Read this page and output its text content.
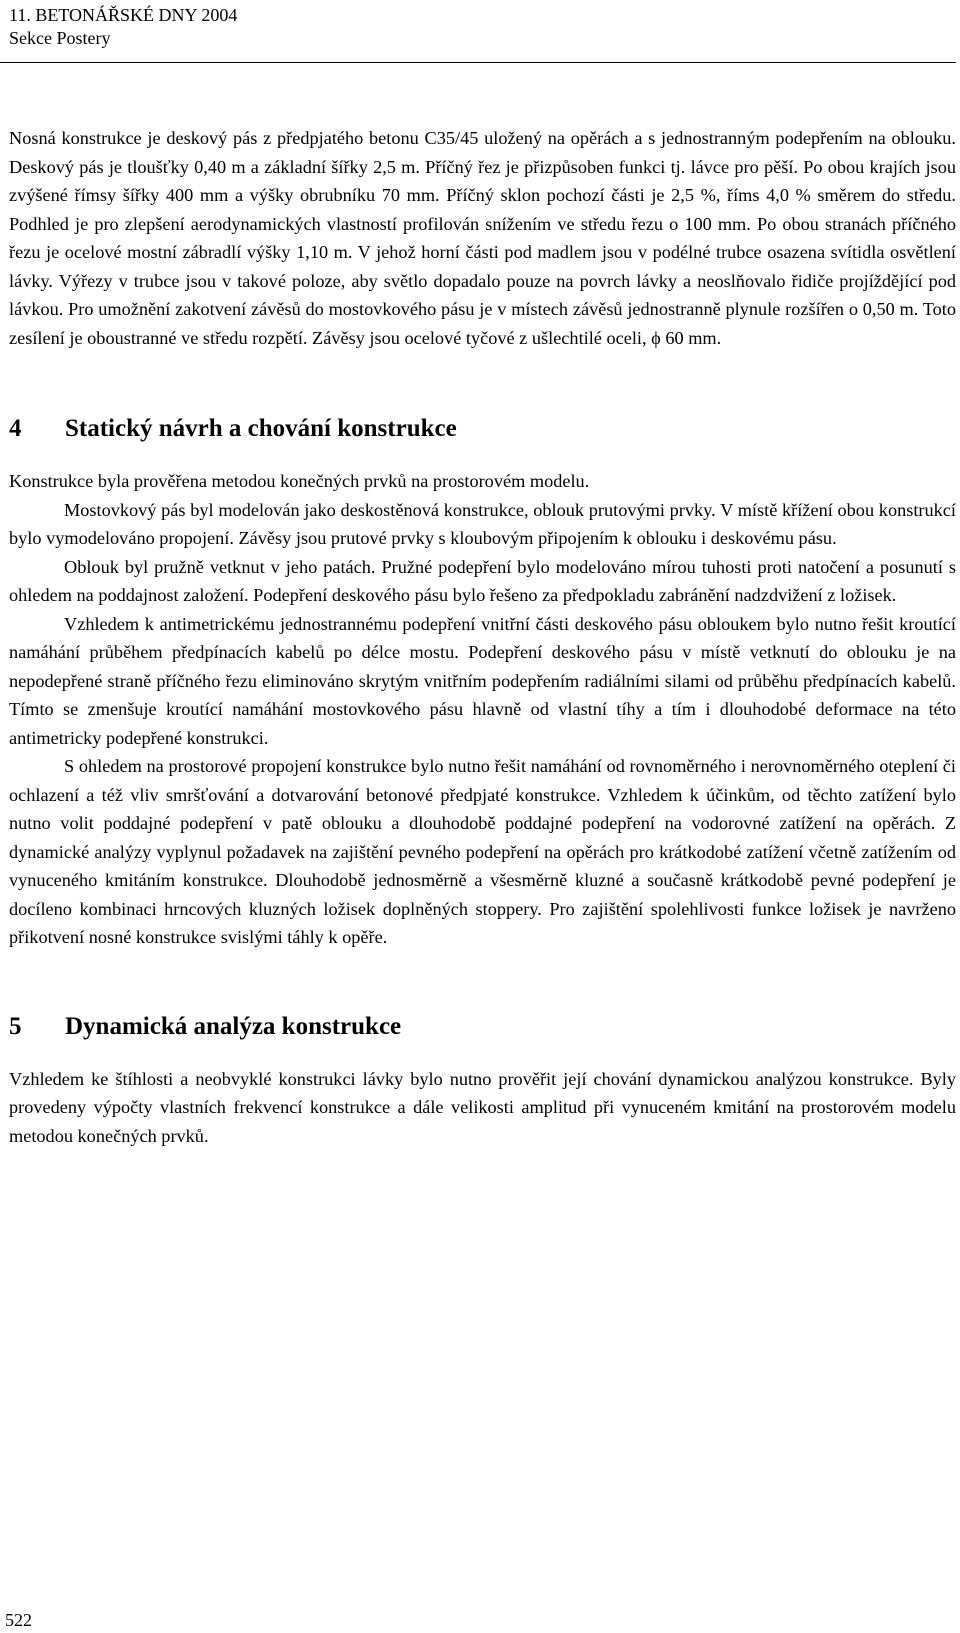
11. BETONÁŘSKÉ DNY 2004
Sekce Postery

Nosná konstrukce je deskový pás z předpjatého betonu C35/45 uložený na opěrách a s jednostranným podepřením na oblouku. Deskový pás je tloušťky 0,40 m a základní šířky 2,5 m. Příčný řez je přizpůsoben funkci tj. lávce pro pěší. Po obou krajích jsou zvýšené římsy šířky 400 mm a výšky obrubníku 70 mm. Příčný sklon pochozí části je 2,5 %, říms 4,0 % směrem do středu. Podhled je pro zlepšení aerodynamických vlastností profilován snížením ve středu řezu o 100 mm. Po obou stranách příčného řezu je ocelové mostní zábradlí výšky 1,10 m. V jehož horní části pod madlem jsou v podélné trubce osazena svítidla osvětlení lávky. Výřezy v trubce jsou v takové poloze, aby světlo dopadalo pouze na povrch lávky a neoslňovalo řidiče projíždějící pod lávkou. Pro umožnění zakotvení závěsů do mostovkového pásu je v místech závěsů jednostranně plynule rozšířen o 0,50 m. Toto zesílení je oboustranné ve středu rozpětí. Závěsy jsou ocelové tyčové z ušlechtilé oceli, ϕ 60 mm.

4	Statický návrh a chování konstrukce

Konstrukce byla prověřena metodou konečných prvků na prostorovém modelu.

Mostovkový pás byl modelován jako deskostěnová konstrukce, oblouk prutovými prvky. V místě křížení obou konstrukcí bylo vymodelováno propojení. Závěsy jsou prutové prvky s kloubovým připojením k oblouku i deskovému pásu.

Oblouk byl pružně vetknut v jeho patách. Pružné podepření bylo modelováno mírou tuhosti proti natočení a posunutí s ohledem na poddajnost založení. Podepření deskového pásu bylo řešeno za předpokladu zabránění nadzdvižení z ložisek.

Vzhledem k antimetrickému jednostrannému podepření vnitřní části deskového pásu obloukem bylo nutno řešit kroutící namáhání průběhem předpínacích kabelů po délce mostu. Podepření deskového pásu v místě vetknutí do oblouku je na nepodepřené straně příčného řezu eliminováno skrytým vnitřním podepřením radiálními silami od průběhu předpínacích kabelů. Tímto se zmenšuje kroutící namáhání mostovkového pásu hlavně od vlastní tíhy a tím i dlouhodobé deformace na této antimetricky podepřené konstrukci.

S ohledem na prostorové propojení konstrukce bylo nutno řešit namáhání od rovnoměrného i nerovnoměrného oteplení či ochlazení a též vliv smršťování a dotvarování betonové předpjaté konstrukce. Vzhledem k účinkům, od těchto zatížení bylo nutno volit poddajné podepření v patě oblouku a dlouhodobě poddajné podepření na vodorovné zatížení na opěrách. Z dynamické analýzy vyplynul požadavek na zajištění pevného podepření na opěrách pro krátkodobé zatížení včetně zatížením od vynuceného kmitáním konstrukce. Dlouhodobě jednosměrně a všesměrně kluzné a současně krátkodobě pevné podepření je docíleno kombinaci hrncových kluzných ložisek doplněných stoppery. Pro zajištění spolehlivosti funkce ložisek je navrženo přikotvení nosné konstrukce svislými táhly k opěře.

5	Dynamická analýza konstrukce

Vzhledem ke štíhlosti a neobvyklé konstrukci lávky bylo nutno prověřit její chování dynamickou analýzou konstrukce. Byly provedeny výpočty vlastních frekvencí konstrukce a dále velikosti amplitud při vynuceném kmitání na prostorovém modelu metodou konečných prvků.

522
